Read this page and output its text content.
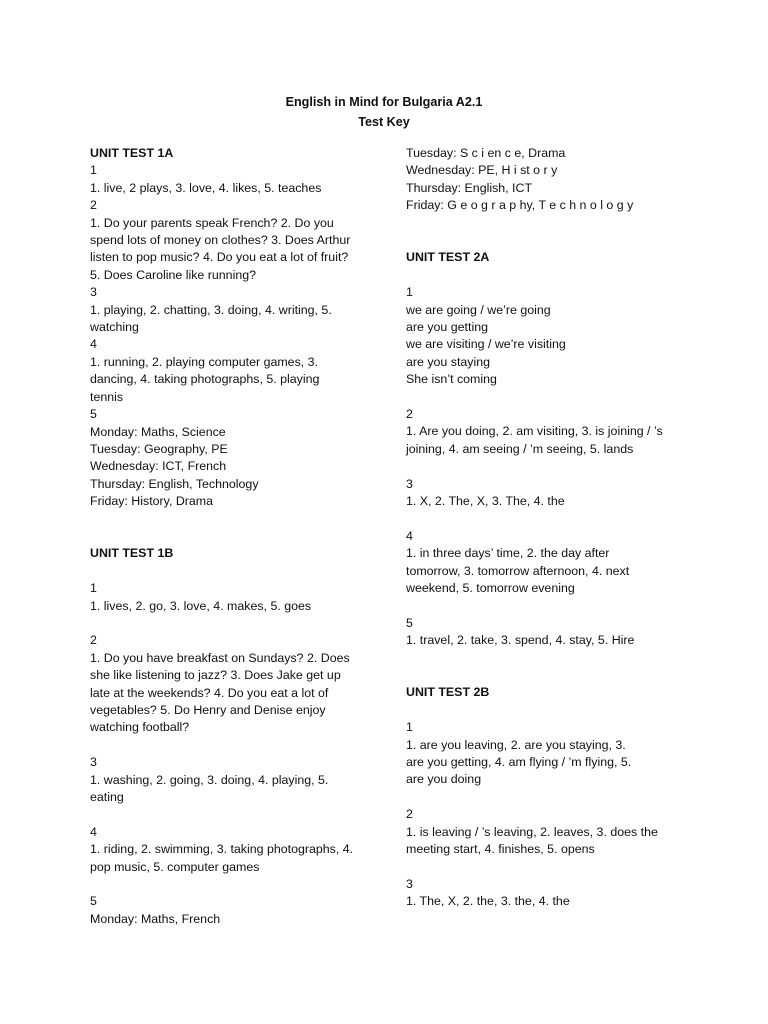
English in Mind for Bulgaria A2.1
Test Key
UNIT TEST 1A
1
1. live, 2 plays, 3. love, 4. likes, 5. teaches
2
1. Do your parents speak French? 2. Do you
spend lots of money on clothes? 3. Does Arthur
listen to pop music? 4. Do you eat a lot of fruit?
5. Does Caroline like running?
3
1. playing, 2. chatting, 3. doing, 4. writing, 5.
watching
4
1. running, 2. playing computer games, 3.
dancing, 4. taking photographs, 5. playing
tennis
5
Monday: Maths, Science
Tuesday: Geography, PE
Wednesday: ICT, French
Thursday: English, Technology
Friday: History, Drama
UNIT TEST 1B
1
1. lives, 2. go, 3. love, 4. makes, 5. goes
2
1. Do you have breakfast on Sundays? 2. Does
she like listening to jazz? 3. Does Jake get up
late at the weekends? 4. Do you eat a lot of
vegetables? 5. Do Henry and Denise enjoy
watching football?
3
1. washing, 2. going, 3. doing, 4. playing, 5.
eating
4
1. riding, 2. swimming, 3. taking photographs, 4.
pop music, 5. computer games
5
Monday: Maths, French
Tuesday: S c i en c e, Drama
Wednesday: PE, H i st o r y
Thursday: English, ICT
Friday: G e o g r a p hy, T e c h n o l o g y
UNIT TEST 2A
1
we are going / we’re going
are you getting
we are visiting / we’re visiting
are you staying
She isn’t coming
2
1. Are you doing, 2. am visiting, 3. is joining / ’s
joining, 4. am seeing / ’m seeing, 5. lands
3
1. X, 2. The, X, 3. The, 4. the
4
1. in three days’ time, 2. the day after
tomorrow, 3. tomorrow afternoon, 4. next
weekend, 5. tomorrow evening
5
1. travel, 2. take, 3. spend, 4. stay, 5. Hire
UNIT TEST 2B
1
1. are you leaving, 2. are you staying, 3.
are you getting, 4. am flying / ’m flying, 5.
are you doing
2
1. is leaving / ’s leaving, 2. leaves, 3. does the
meeting start, 4. finishes, 5. opens
3
1. The, X, 2. the, 3. the, 4. the
